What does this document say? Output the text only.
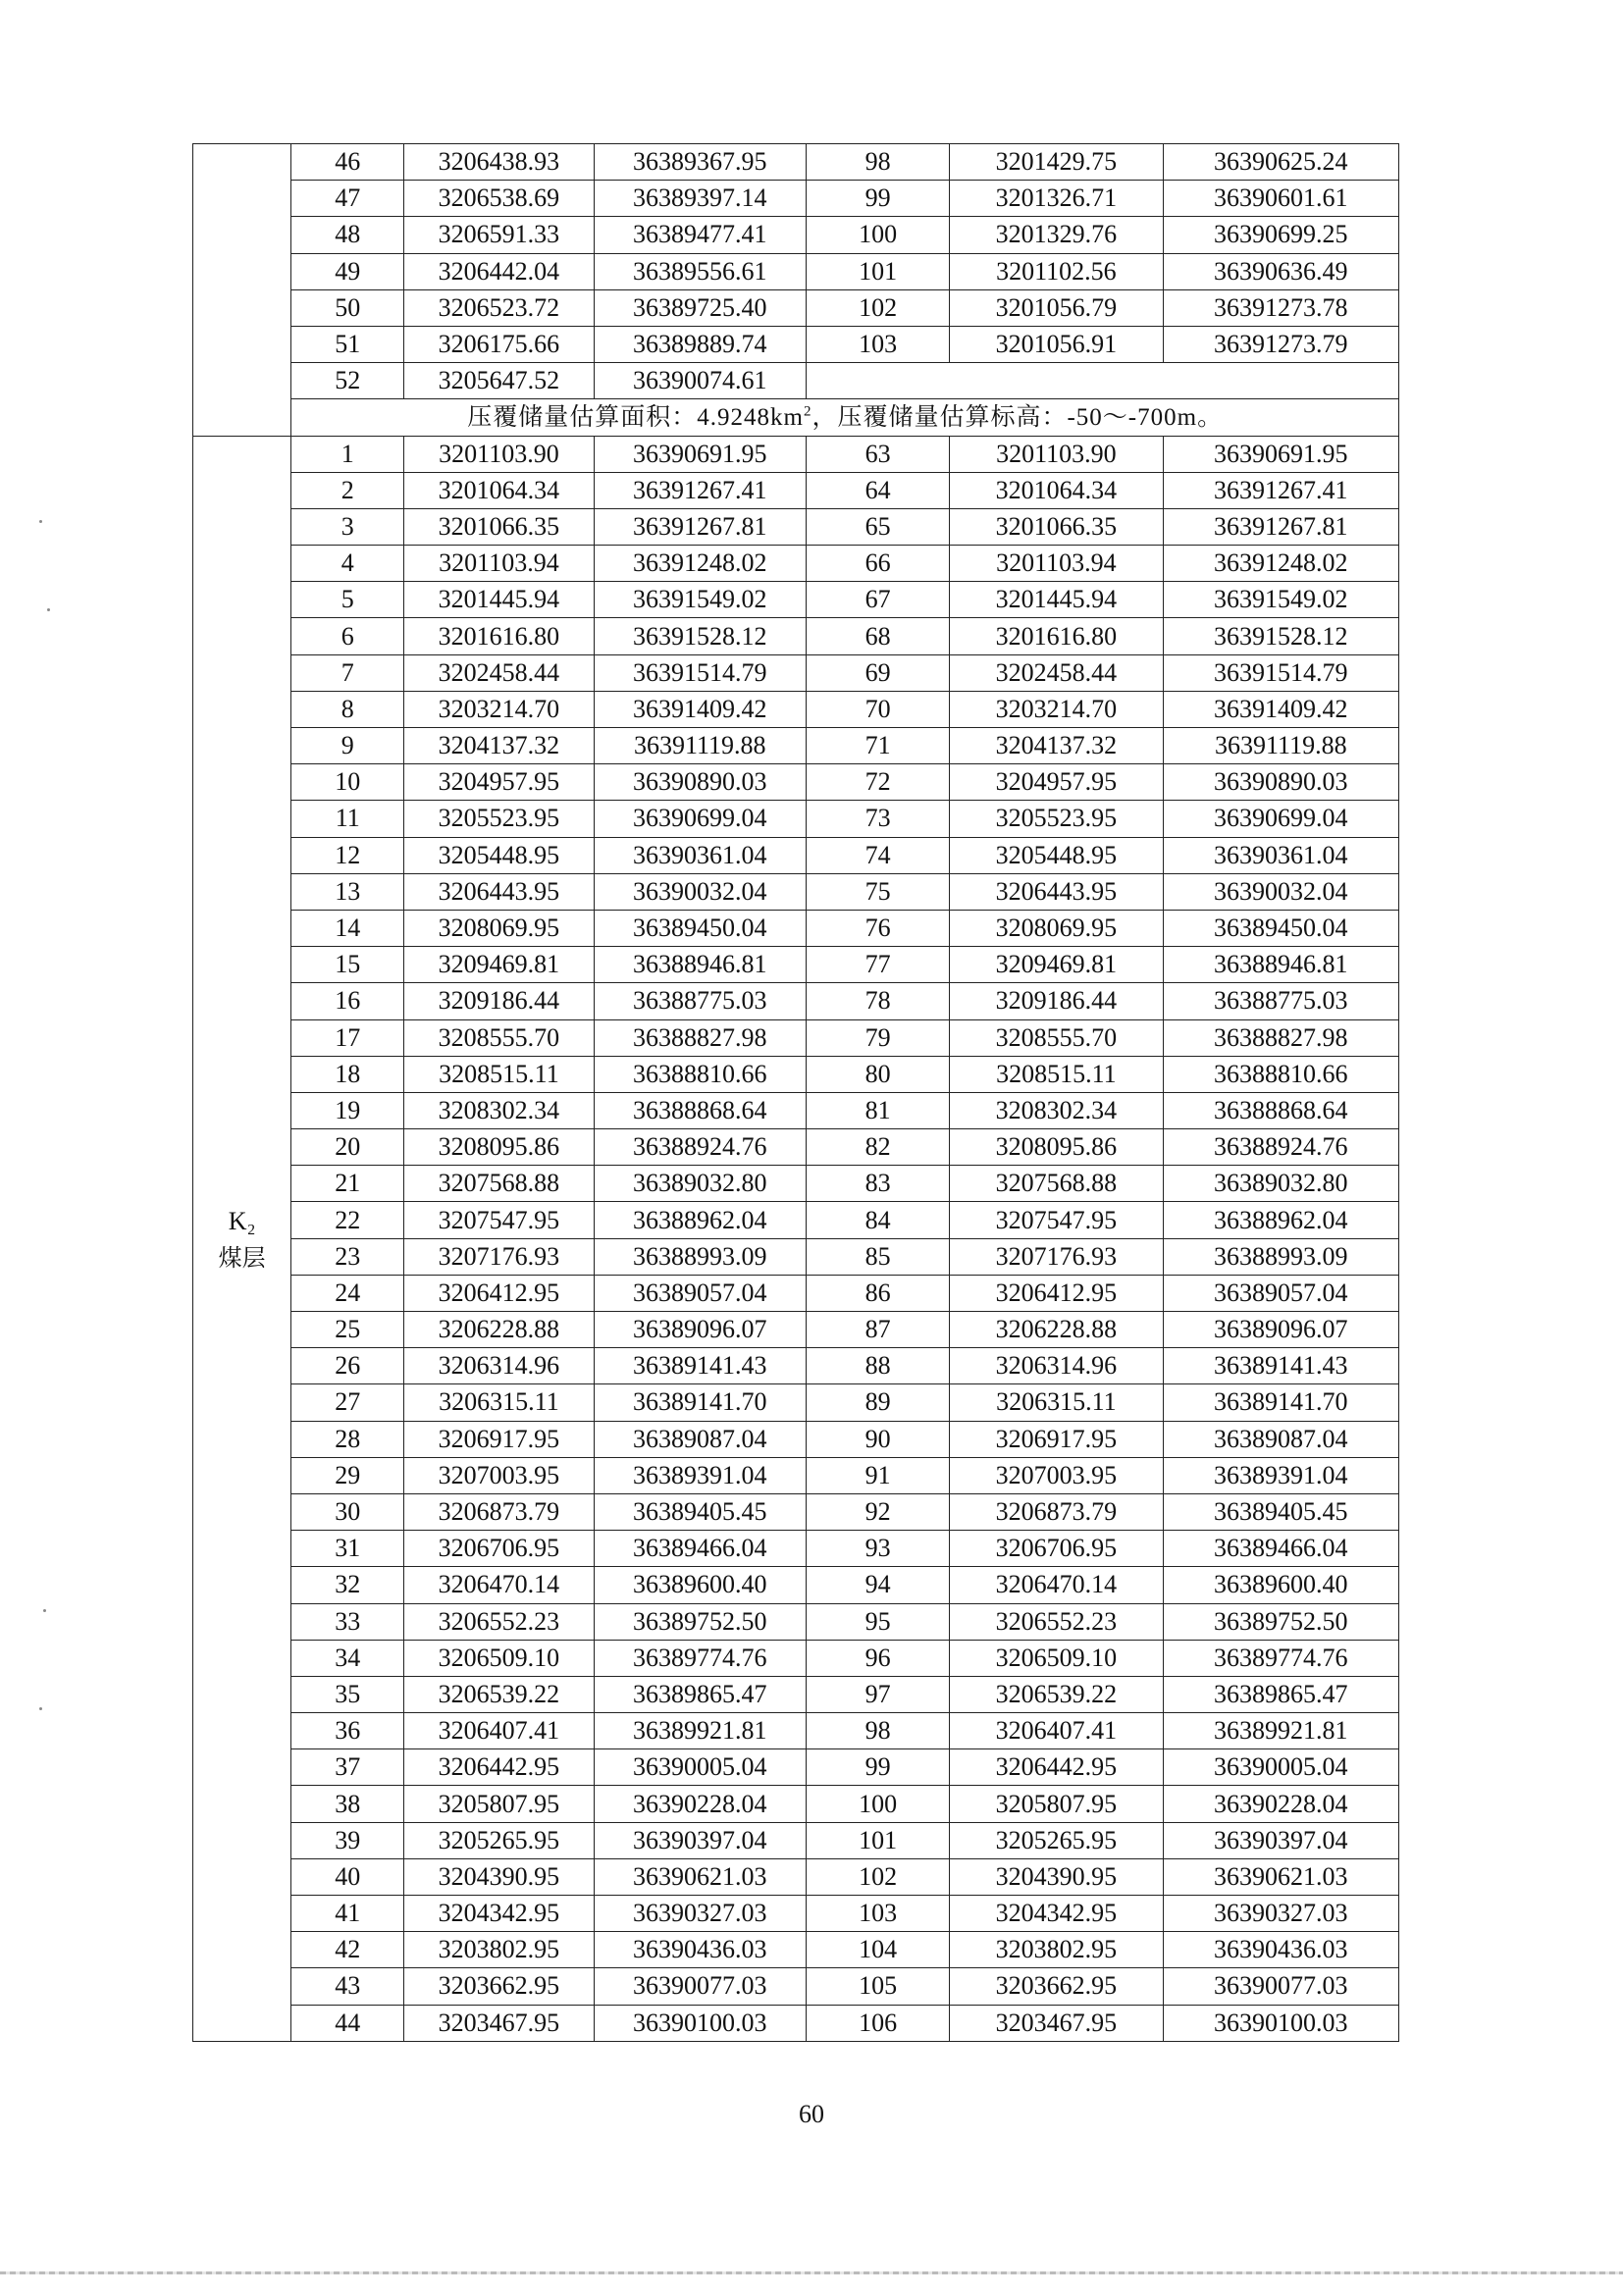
	46	3206438.93	36389367.95	98	3201429.75	36390625.24
	47	3206538.69	36389397.14	99	3201326.71	36390601.61
	48	3206591.33	36389477.41	100	3201329.76	36390699.25
	49	3206442.04	36389556.61	101	3201102.56	36390636.49
	50	3206523.72	36389725.40	102	3201056.79	36391273.78
	51	3206175.66	36389889.74	103	3201056.91	36391273.79
	52	3205647.52	36390074.61			
	压覆储量估算面积：$4.9248km^2$，压覆储量估算标高：-50～-700m。					

K₂
煤层	1	3201103.90	36390691.95	63	3201103.90	36390691.95
	2	3201064.34	36391267.41	64	3201064.34	36391267.41
	3	3201066.35	36391267.81	65	3201066.35	36391267.81
	4	3201103.94	36391248.02	66	3201103.94	36391248.02
	5	3201445.94	36391549.02	67	3201445.94	36391549.02
	6	3201616.80	36391528.12	68	3201616.80	36391528.12
	7	3202458.44	36391514.79	69	3202458.44	36391514.79
	8	3203214.70	36391409.42	70	3203214.70	36391409.42
	9	3204137.32	36391119.88	71	3204137.32	36391119.88
	10	3204957.95	36390890.03	72	3204957.95	36390890.03
	11	3205523.95	36390699.04	73	3205523.95	36390699.04
	12	3205448.95	36390361.04	74	3205448.95	36390361.04
	13	3206443.95	36390032.04	75	3206443.95	36390032.04
	14	3208069.95	36389450.04	76	3208069.95	36389450.04
	15	3209469.81	36388946.81	77	3209469.81	36388946.81
	16	3209186.44	36388775.03	78	3209186.44	36388775.03
	17	3208555.70	36388827.98	79	3208555.70	36388827.98
	18	3208515.11	36388810.66	80	3208515.11	36388810.66
	19	3208302.34	36388868.64	81	3208302.34	36388868.64
	20	3208095.86	36388924.76	82	3208095.86	36388924.76
	21	3207568.88	36389032.80	83	3207568.88	36389032.80
	22	3207547.95	36388962.04	84	3207547.95	36388962.04
	23	3207176.93	36388993.09	85	3207176.93	36388993.09
	24	3206412.95	36389057.04	86	3206412.95	36389057.04
	25	3206228.88	36389096.07	87	3206228.88	36389096.07
	26	3206314.96	36389141.43	88	3206314.96	36389141.43
	27	3206315.11	36389141.70	89	3206315.11	36389141.70
	28	3206917.95	36389087.04	90	3206917.95	36389087.04
	29	3207003.95	36389391.04	91	3207003.95	36389391.04
	30	3206873.79	36389405.45	92	3206873.79	36389405.45
	31	3206706.95	36389466.04	93	3206706.95	36389466.04
	32	3206470.14	36389600.40	94	3206470.14	36389600.40
	33	3206552.23	36389752.50	95	3206552.23	36389752.50
	34	3206509.10	36389774.76	96	3206509.10	36389774.76
	35	3206539.22	36389865.47	97	3206539.22	36389865.47
	36	3206407.41	36389921.81	98	3206407.41	36389921.81
	37	3206442.95	36390005.04	99	3206442.95	36390005.04
	38	3205807.95	36390228.04	100	3205807.95	36390228.04
	39	3205265.95	36390397.04	101	3205265.95	36390397.04
	40	3204390.95	36390621.03	102	3204390.95	36390621.03
	41	3204342.95	36390327.03	103	3204342.95	36390327.03
	42	3203802.95	36390436.03	104	3203802.95	36390436.03
	43	3203662.95	36390077.03	105	3203662.95	36390077.03
	44	3203467.95	36390100.03	106	3203467.95	36390100.03
60
